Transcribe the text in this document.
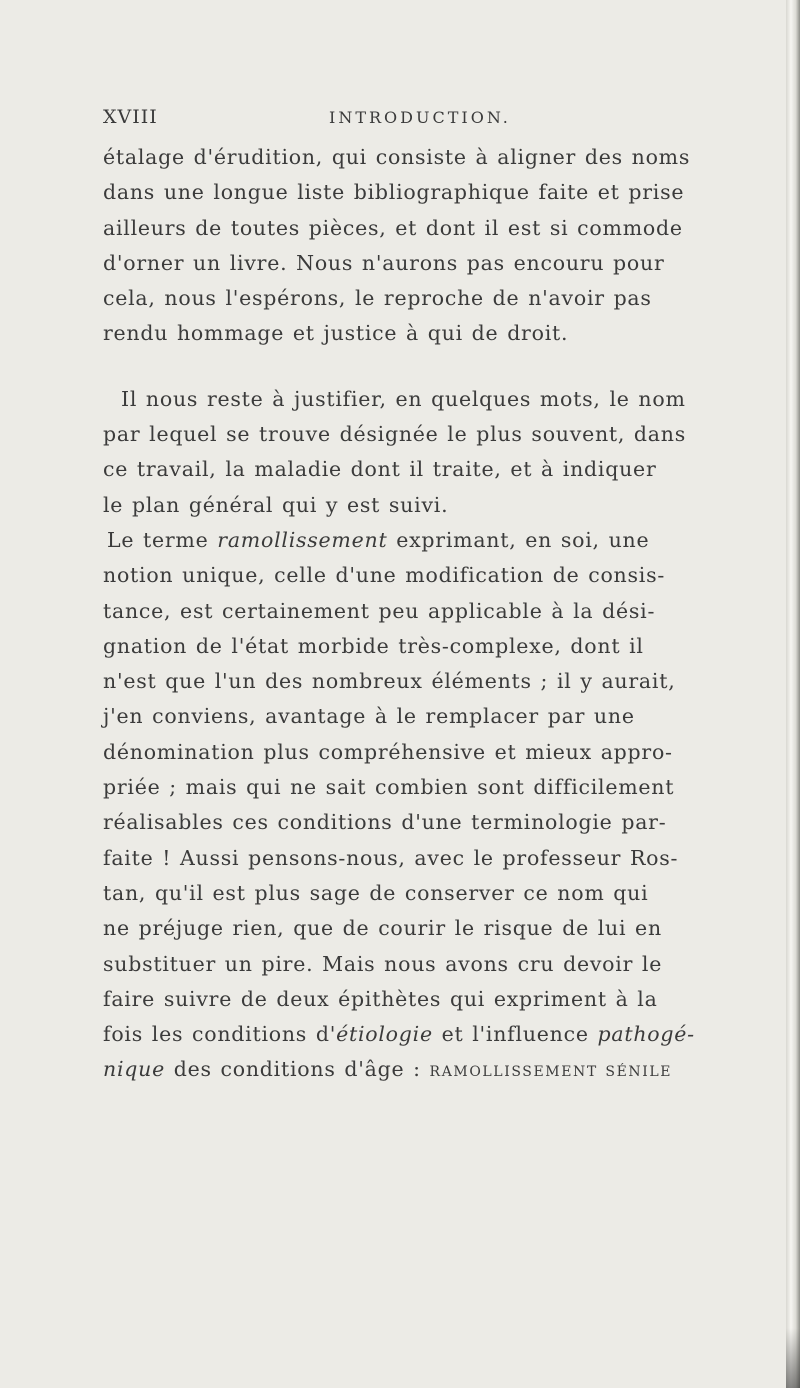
XVIII	INTRODUCTION.
étalage d'érudition, qui consiste à aligner des noms
dans une longue liste bibliographique faite et prise
ailleurs de toutes pièces, et dont il est si commode
d'orner un livre. Nous n'aurons pas encouru pour
cela, nous l'espérons, le reproche de n'avoir pas
rendu hommage et justice à qui de droit.
Il nous reste à justifier, en quelques mots, le nom
par lequel se trouve désignée le plus souvent, dans
ce travail, la maladie dont il traite, et à indiquer
le plan général qui y est suivi.
Le terme ramollissement exprimant, en soi, une
notion unique, celle d'une modification de consis-
tance, est certainement peu applicable à la dési-
gnation de l'état morbide très-complexe, dont il
n'est que l'un des nombreux éléments ; il y aurait,
j'en conviens, avantage à le remplacer par une
dénomination plus compréhensive et mieux appro-
priée ; mais qui ne sait combien sont difficilement
réalisables ces conditions d'une terminologie par-
faite ! Aussi pensons-nous, avec le professeur Ros-
tan, qu'il est plus sage de conserver ce nom qui
ne préjuge rien, que de courir le risque de lui en
substituer un pire. Mais nous avons cru devoir le
faire suivre de deux épithètes qui expriment à la
fois les conditions d'étiologie et l'influence pathogé-
nique des conditions d'âge : RAMOLLISSEMENT SÉNILE
